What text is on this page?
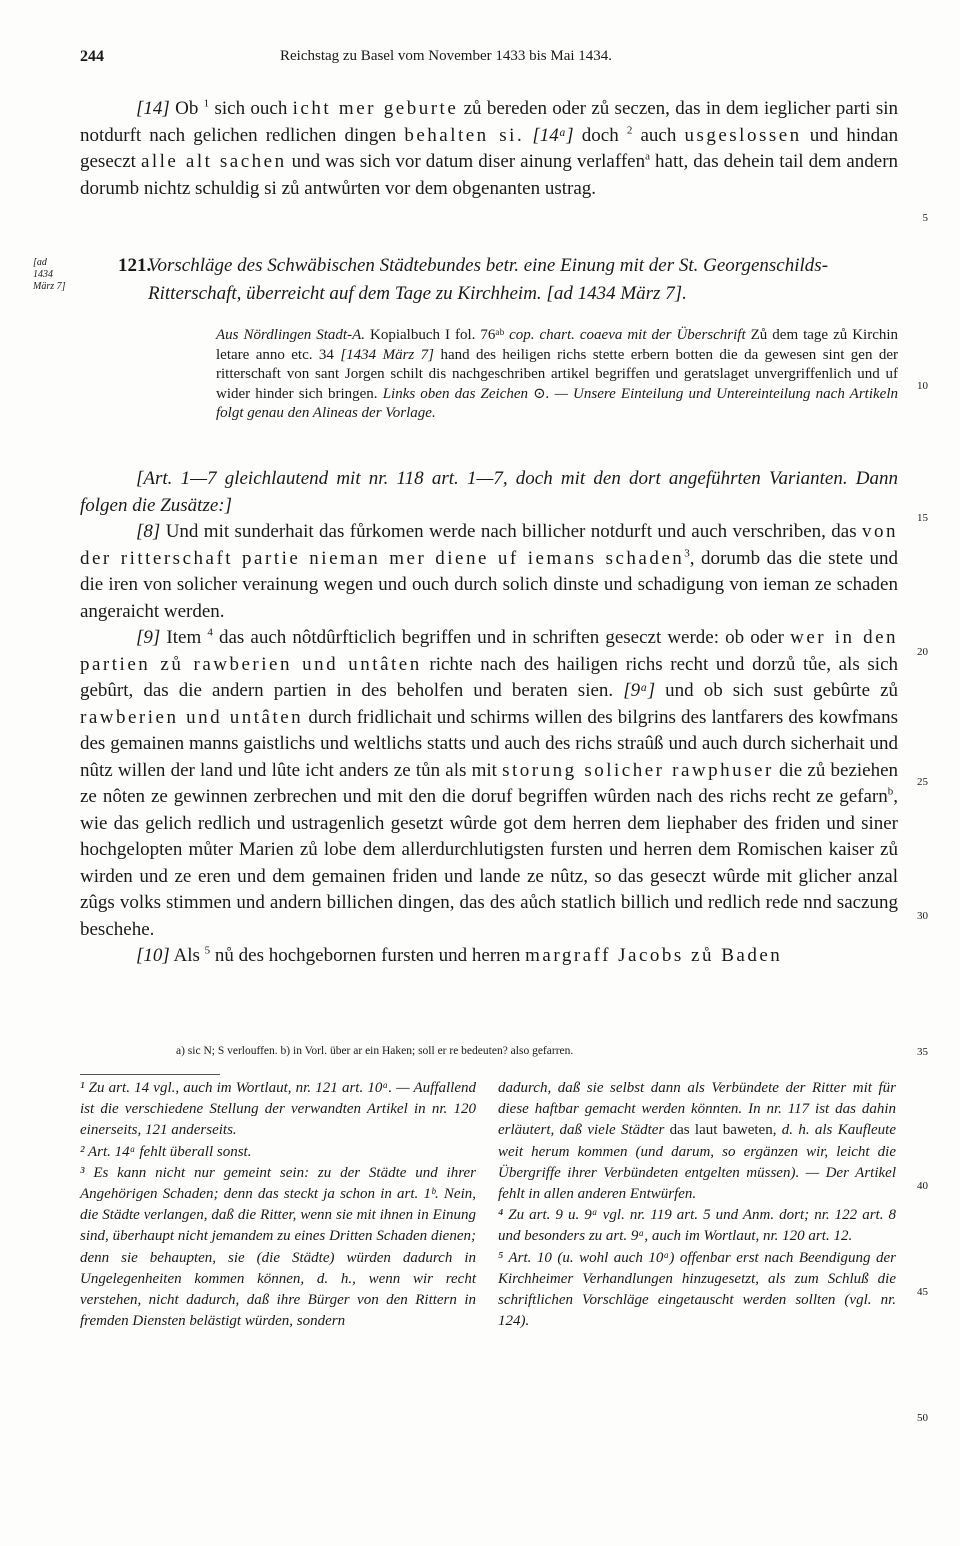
244	Reichstag zu Basel vom November 1433 bis Mai 1434.

[14] Ob $^1$ sich ouch icht mer geburte zů bereden oder zů seczen, das in dem ieglicher parti sin notdurft nach gelichen redlichen dingen behalten si. [14ᵃ] doch $^2$ auch usgeslossen und hindan geseczt alle alt sachen und was sich vor datum diser ainung verlaffen$^a$ hatt, das dehein tail dem andern dorumb nichtz schuldig si zů antwůrten vor dem obgenanten ustrag.

[ad
1434
März 7]
121.
Vorschläge des Schwäbischen Städtebundes betr. eine Einung mit der St. Georgenschilds-Ritterschaft, überreicht auf dem Tage zu Kirchheim. [ad 1434 März 7].

Aus Nördlingen Stadt-A. Kopialbuch I fol. 76ᵃᵇ cop. chart. coaeva mit der Überschrift Zů dem tage zů Kirchin letare anno etc. 34 [1434 März 7] hand des heiligen richs stette erbern botten die da gewesen sint gen der ritterschaft von sant Jorgen schilt dis nachgeschriben artikel begriffen und geratslaget unvergriffenlich und uf wider hinder sich bringen. Links oben das Zeichen ⊙. — Unsere Einteilung und Untereinteilung nach Artikeln folgt genau den Alineas der Vorlage.

[Art. 1—7 gleichlautend mit nr. 118 art. 1—7, doch mit den dort angeführten Varianten. Dann folgen die Zusätze:]

[8] Und mit sunderhait das fůrkomen werde nach billicher notdurft und auch verschriben, das von der ritterschaft partie nieman mer diene uf iemans schaden$^3$, dorumb das die stete und die iren von solicher verainung wegen und ouch durch solich dinste und schadigung von ieman ze schaden angeraicht werden.

[9] Item $^4$ das auch nôtdûrfticlich begriffen und in schriften geseczt werde: ob oder wer in den partien zů rawberien und untâten richte nach des hailigen richs recht und dorzů tůe, als sich gebûrt, das die andern partien in des beholfen und beraten sien. [9ᵃ] und ob sich sust gebûrte zů rawberien und untâten durch fridlichait und schirms willen des bilgrins des lantfarers des kowfmans des gemainen manns gaistlichs und weltlichs statts und auch des richs straûß und auch durch sicherhait und nûtz willen der land und lûte icht anders ze tůn als mit storung solicher rawphuser die zů beziehen ze nôten ze gewinnen zerbrechen und mit den die doruf begriffen wûrden nach des richs recht ze gefarn$^b$, wie das gelich redlich und ustragenlich gesetzt wûrde got dem herren dem liephaber des friden und siner hochgelopten můter Marien zů lobe dem allerdurchlutigsten fursten und herren dem Romischen kaiser zů wirden und ze eren und dem gemainen friden und lande ze nûtz, so das geseczt wûrde mit glicher anzal zûgs volks stimmen und andern billichen dingen, das des aůch statlich billich und redlich rede nnd saczung beschehe.

[10] Als $^5$ nů des hochgebornen fursten und herren margraff Jacobs zů Baden

5
10
15
20
25
30
35
40
45
50
a) sic N; S verlouffen. b) in Vorl. über ar ein Haken; soll er re bedeuten? also gefarren.

¹ Zu art. 14 vgl., auch im Wortlaut, nr. 121 art. 10ᵃ. — Auffallend ist die verschiedene Stellung der verwandten Artikel in nr. 120 einerseits, 121 anderseits.

² Art. 14ᵃ fehlt überall sonst.

³ Es kann nicht nur gemeint sein: zu der Städte und ihrer Angehörigen Schaden; denn das steckt ja schon in art. 1ᵇ. Nein, die Städte verlangen, daß die Ritter, wenn sie mit ihnen in Einung sind, überhaupt nicht jemandem zu eines Dritten Schaden dienen; denn sie behaupten, sie (die Städte) würden dadurch in Ungelegenheiten kommen können, d. h., wenn wir recht verstehen, nicht dadurch, daß ihre Bürger von den Rittern in fremden Diensten belästigt würden, sondern

dadurch, daß sie selbst dann als Verbündete der Ritter mit für diese haftbar gemacht werden könnten. In nr. 117 ist das dahin erläutert, daß viele Städter das laut baweten, d. h. als Kaufleute weit herum kommen (und darum, so ergänzen wir, leicht die Übergriffe ihrer Verbündeten entgelten müssen). — Der Artikel fehlt in allen anderen Entwürfen.

⁴ Zu art. 9 u. 9ᵃ vgl. nr. 119 art. 5 und Anm. dort; nr. 122 art. 8 und besonders zu art. 9ᵃ, auch im Wortlaut, nr. 120 art. 12.

⁵ Art. 10 (u. wohl auch 10ᵃ) offenbar erst nach Beendigung der Kirchheimer Verhandlungen hinzugesetzt, als zum Schluß die schriftlichen Vorschläge eingetauscht werden sollten (vgl. nr. 124).
